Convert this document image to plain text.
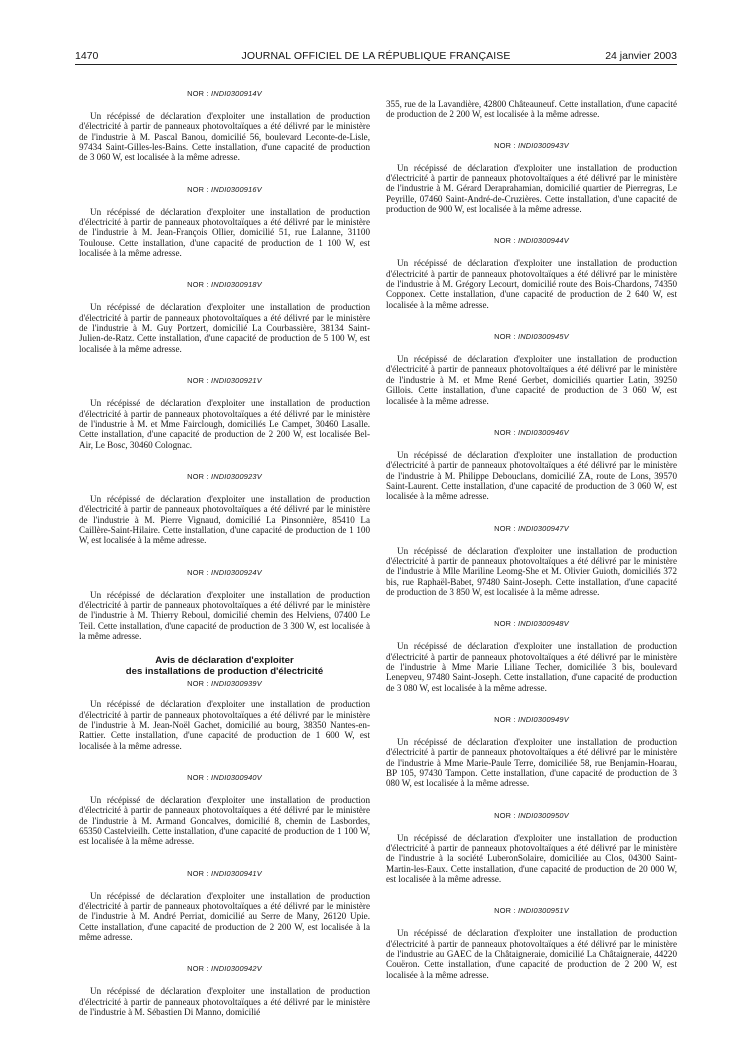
1470	JOURNAL OFFICIEL DE LA RÉPUBLIQUE FRANÇAISE	24 janvier 2003

NOR : INDI0300914V

Un récépissé de déclaration d'exploiter une installation de production d'électricité à partir de panneaux photovoltaïques a été délivré par le ministère de l'industrie à M. Pascal Banou, domicilié 56, boulevard Leconte-de-Lisle, 97434 Saint-Gilles-les-Bains. Cette installation, d'une capacité de production de 3 060 W, est localisée à la même adresse.

NOR : INDI0300916V

Un récépissé de déclaration d'exploiter une installation de production d'électricité à partir de panneaux photovoltaïques a été délivré par le ministère de l'industrie à M. Jean-François Ollier, domicilié 51, rue Lalanne, 31100 Toulouse. Cette installation, d'une capacité de production de 1 100 W, est localisée à la même adresse.

NOR : INDI0300918V

Un récépissé de déclaration d'exploiter une installation de production d'électricité à partir de panneaux photovoltaïques a été délivré par le ministère de l'industrie à M. Guy Portzert, domicilié La Courbassière, 38134 Saint-Julien-de-Ratz. Cette installation, d'une capacité de production de 5 100 W, est localisée à la même adresse.

NOR : INDI0300921V

Un récépissé de déclaration d'exploiter une installation de production d'électricité à partir de panneaux photovoltaïques a été délivré par le ministère de l'industrie à M. et Mme Fairclough, domiciliés Le Campet, 30460 Lasalle. Cette installation, d'une capacité de production de 2 200 W, est localisée Bel-Air, Le Bosc, 30460 Colognac.

NOR : INDI0300923V

Un récépissé de déclaration d'exploiter une installation de production d'électricité à partir de panneaux photovoltaïques a été délivré par le ministère de l'industrie à M. Pierre Vignaud, domicilié La Pinsonnière, 85410 La Caillère-Saint-Hilaire. Cette installation, d'une capacité de production de 1 100 W, est localisée à la même adresse.

NOR : INDI0300924V

Un récépissé de déclaration d'exploiter une installation de production d'électricité à partir de panneaux photovoltaïques a été délivré par le ministère de l'industrie à M. Thierry Reboul, domicilié chemin des Helviens, 07400 Le Teil. Cette installation, d'une capacité de production de 3 300 W, est localisée à la même adresse.

Avis de déclaration d'exploiter
des installations de production d'électricité

NOR : INDI0300939V

Un récépissé de déclaration d'exploiter une installation de production d'électricité à partir de panneaux photovoltaïques a été délivré par le ministère de l'industrie à M. Jean-Noël Gachet, domicilié au bourg, 38350 Nantes-en-Rattier. Cette installation, d'une capacité de production de 1 600 W, est localisée à la même adresse.

NOR : INDI0300940V

Un récépissé de déclaration d'exploiter une installation de production d'électricité à partir de panneaux photovoltaïques a été délivré par le ministère de l'industrie à M. Armand Goncalves, domicilié 8, chemin de Lasbordes, 65350 Castelvieilh. Cette installation, d'une capacité de production de 1 100 W, est localisée à la même adresse.

NOR : INDI0300941V

Un récépissé de déclaration d'exploiter une installation de production d'électricité à partir de panneaux photovoltaïques a été délivré par le ministère de l'industrie à M. André Perriat, domicilié au Serre de Many, 26120 Upie. Cette installation, d'une capacité de production de 2 200 W, est localisée à la même adresse.

NOR : INDI0300942V

Un récépissé de déclaration d'exploiter une installation de production d'électricité à partir de panneaux photovoltaïques a été délivré par le ministère de l'industrie à M. Sébastien Di Manno, domicilié

355, rue de la Lavandière, 42800 Châteauneuf. Cette installation, d'une capacité de production de 2 200 W, est localisée à la même adresse.

NOR : INDI0300943V

Un récépissé de déclaration d'exploiter une installation de production d'électricité à partir de panneaux photovoltaïques a été délivré par le ministère de l'industrie à M. Gérard Deraprahamian, domicilié quartier de Pierregras, Le Peyrille, 07460 Saint-André-de-Cruzières. Cette installation, d'une capacité de production de 900 W, est localisée à la même adresse.

NOR : INDI0300944V

Un récépissé de déclaration d'exploiter une installation de production d'électricité à partir de panneaux photovoltaïques a été délivré par le ministère de l'industrie à M. Grégory Lecourt, domicilié route des Bois-Chardons, 74350 Copponex. Cette installation, d'une capacité de production de 2 640 W, est localisée à la même adresse.

NOR : INDI0300945V

Un récépissé de déclaration d'exploiter une installation de production d'électricité à partir de panneaux photovoltaïques a été délivré par le ministère de l'industrie à M. et Mme René Gerbet, domiciliés quartier Latin, 39250 Gillois. Cette installation, d'une capacité de production de 3 060 W, est localisée à la même adresse.

NOR : INDI0300946V

Un récépissé de déclaration d'exploiter une installation de production d'électricité à partir de panneaux photovoltaïques a été délivré par le ministère de l'industrie à M. Philippe Debouclans, domicilié ZA, route de Lons, 39570 Saint-Laurent. Cette installation, d'une capacité de production de 3 060 W, est localisée à la même adresse.

NOR : INDI0300947V

Un récépissé de déclaration d'exploiter une installation de production d'électricité à partir de panneaux photovoltaïques a été délivré par le ministère de l'industrie à Mlle Mariline Leomg-She et M. Olivier Guioth, domiciliés 372 bis, rue Raphaël-Babet, 97480 Saint-Joseph. Cette installation, d'une capacité de production de 3 850 W, est localisée à la même adresse.

NOR : INDI0300948V

Un récépissé de déclaration d'exploiter une installation de production d'électricité à partir de panneaux photovoltaïques a été délivré par le ministère de l'industrie à Mme Marie Liliane Techer, domiciliée 3 bis, boulevard Lenepveu, 97480 Saint-Joseph. Cette installation, d'une capacité de production de 3 080 W, est localisée à la même adresse.

NOR : INDI0300949V

Un récépissé de déclaration d'exploiter une installation de production d'électricité à partir de panneaux photovoltaïques a été délivré par le ministère de l'industrie à Mme Marie-Paule Terre, domiciliée 58, rue Benjamin-Hoarau, BP 105, 97430 Tampon. Cette installation, d'une capacité de production de 3 080 W, est localisée à la même adresse.

NOR : INDI0300950V

Un récépissé de déclaration d'exploiter une installation de production d'électricité à partir de panneaux photovoltaïques a été délivré par le ministère de l'industrie à la société LuberonSolaire, domiciliée au Clos, 04300 Saint-Martin-les-Eaux. Cette installation, d'une capacité de production de 20 000 W, est localisée à la même adresse.

NOR : INDI0300951V

Un récépissé de déclaration d'exploiter une installation de production d'électricité à partir de panneaux photovoltaïques a été délivré par le ministère de l'industrie au GAEC de la Châtaigneraie, domicilié La Châtaigneraie, 44220 Couëron. Cette installation, d'une capacité de production de 2 200 W, est localisée à la même adresse.
